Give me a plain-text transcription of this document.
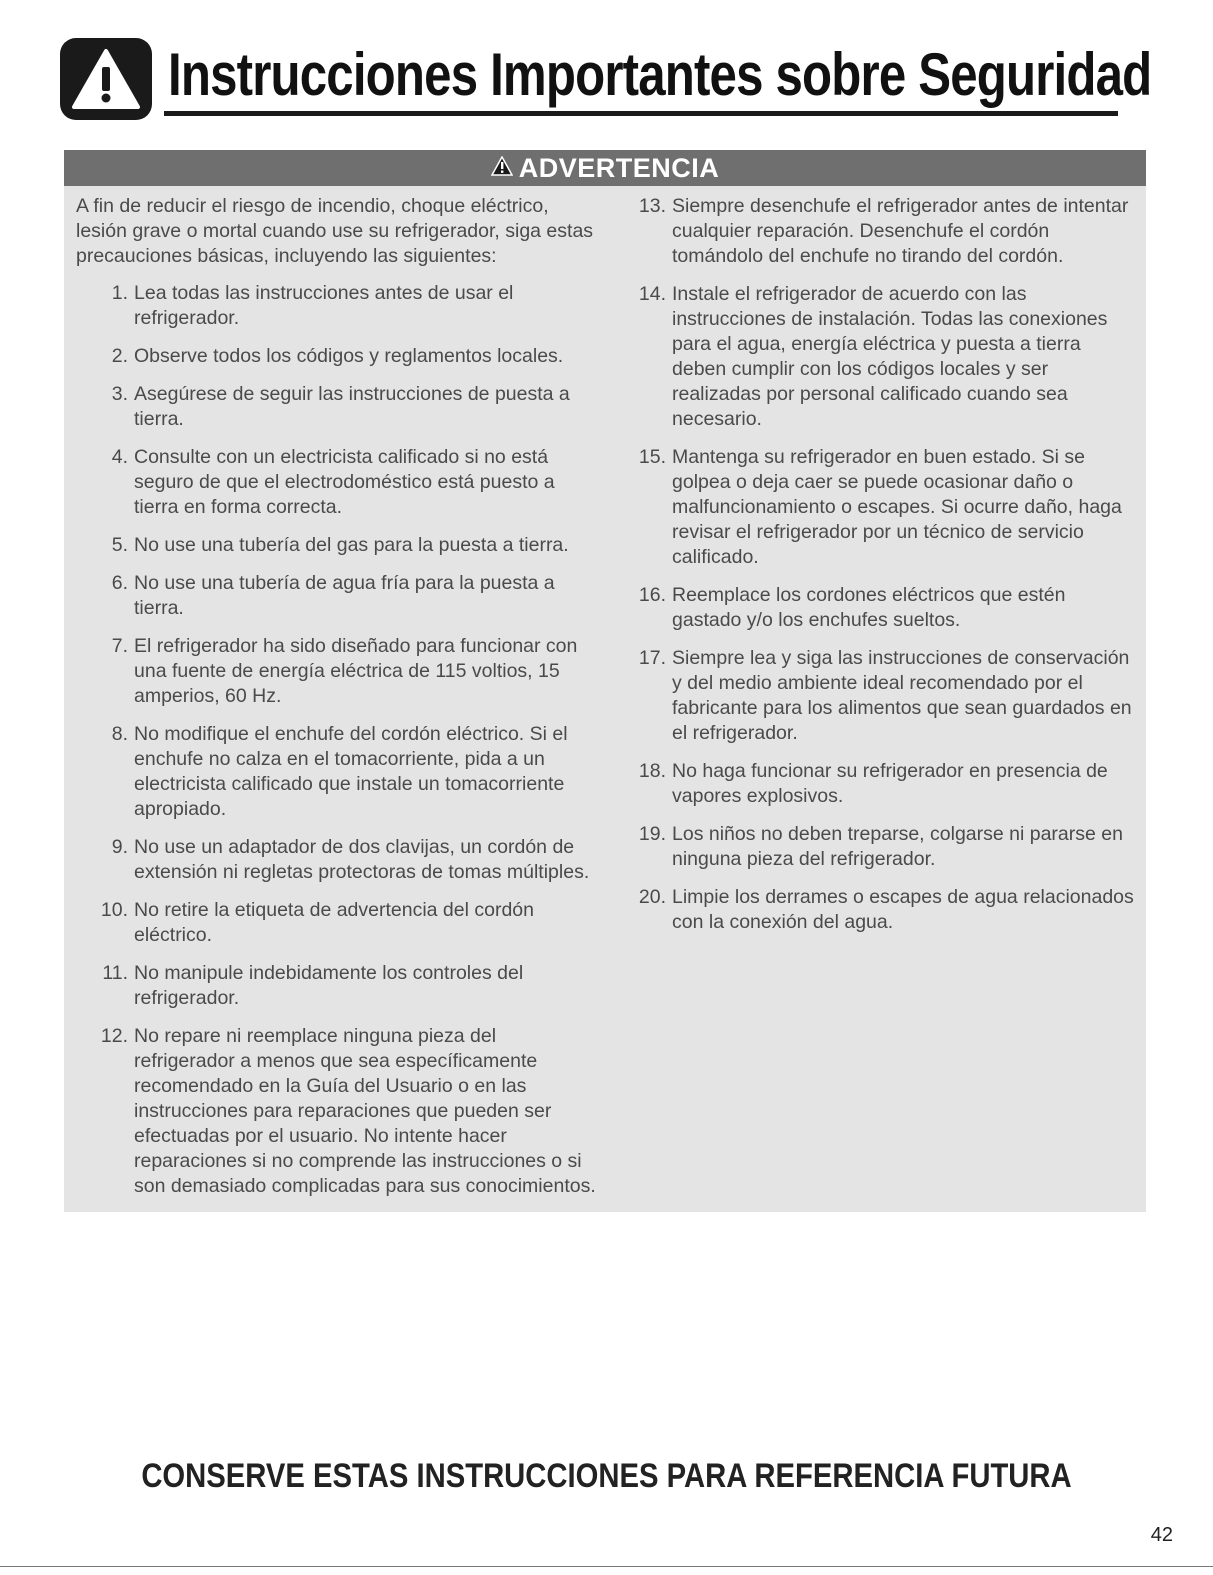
Instrucciones Importantes sobre Seguridad
ADVERTENCIA

A fin de reducir el riesgo de incendio, choque eléctrico, lesión grave o mortal cuando use su refrigerador, siga estas precauciones básicas, incluyendo las siguientes:

1. Lea todas las instrucciones antes de usar el refrigerador.
2. Observe todos los códigos y reglamentos locales.
3. Asegúrese de seguir las instrucciones de puesta a tierra.
4. Consulte con un electricista calificado si no está seguro de que el electrodoméstico está puesto a tierra en forma correcta.
5. No use una tubería del gas para la puesta a tierra.
6. No use una tubería de agua fría para la puesta a tierra.
7. El refrigerador ha sido diseñado para funcionar con una fuente de energía eléctrica de 115 voltios, 15 amperios, 60 Hz.
8. No modifique el enchufe del cordón eléctrico. Si el enchufe no calza en el tomacorriente, pida a un electricista calificado que instale un tomacorriente apropiado.
9. No use un adaptador de dos clavijas, un cordón de extensión ni regletas protectoras de tomas múltiples.
10. No retire la etiqueta de advertencia del cordón eléctrico.
11. No manipule indebidamente los controles del refrigerador.
12. No repare ni reemplace ninguna pieza del refrigerador a menos que sea específicamente recomendado en la Guía del Usuario o en las instrucciones para reparaciones que pueden ser efectuadas por el usuario. No intente hacer reparaciones si no comprende las instrucciones o si son demasiado complicadas para sus conocimientos.
13. Siempre desenchufe el refrigerador antes de intentar cualquier reparación. Desenchufe el cordón tomándolo del enchufe no tirando del cordón.
14. Instale el refrigerador de acuerdo con las instrucciones de instalación. Todas las conexiones para el agua, energía eléctrica y puesta a tierra deben cumplir con los códigos locales y ser realizadas por personal calificado cuando sea necesario.
15. Mantenga su refrigerador en buen estado. Si se golpea o deja caer se puede ocasionar daño o malfuncionamiento o escapes. Si ocurre daño, haga revisar el refrigerador por un técnico de servicio calificado.
16. Reemplace los cordones eléctricos que estén gastado y/o los enchufes sueltos.
17. Siempre lea y siga las instrucciones de conservación y del medio ambiente ideal recomendado por el fabricante para los alimentos que sean guardados en el refrigerador.
18. No haga funcionar su refrigerador en presencia de vapores explosivos.
19. Los niños no deben treparse, colgarse ni pararse en ninguna pieza del refrigerador.
20. Limpie los derrames o escapes de agua relacionados con la conexión del agua.
CONSERVE ESTAS INSTRUCCIONES PARA REFERENCIA FUTURA
42
